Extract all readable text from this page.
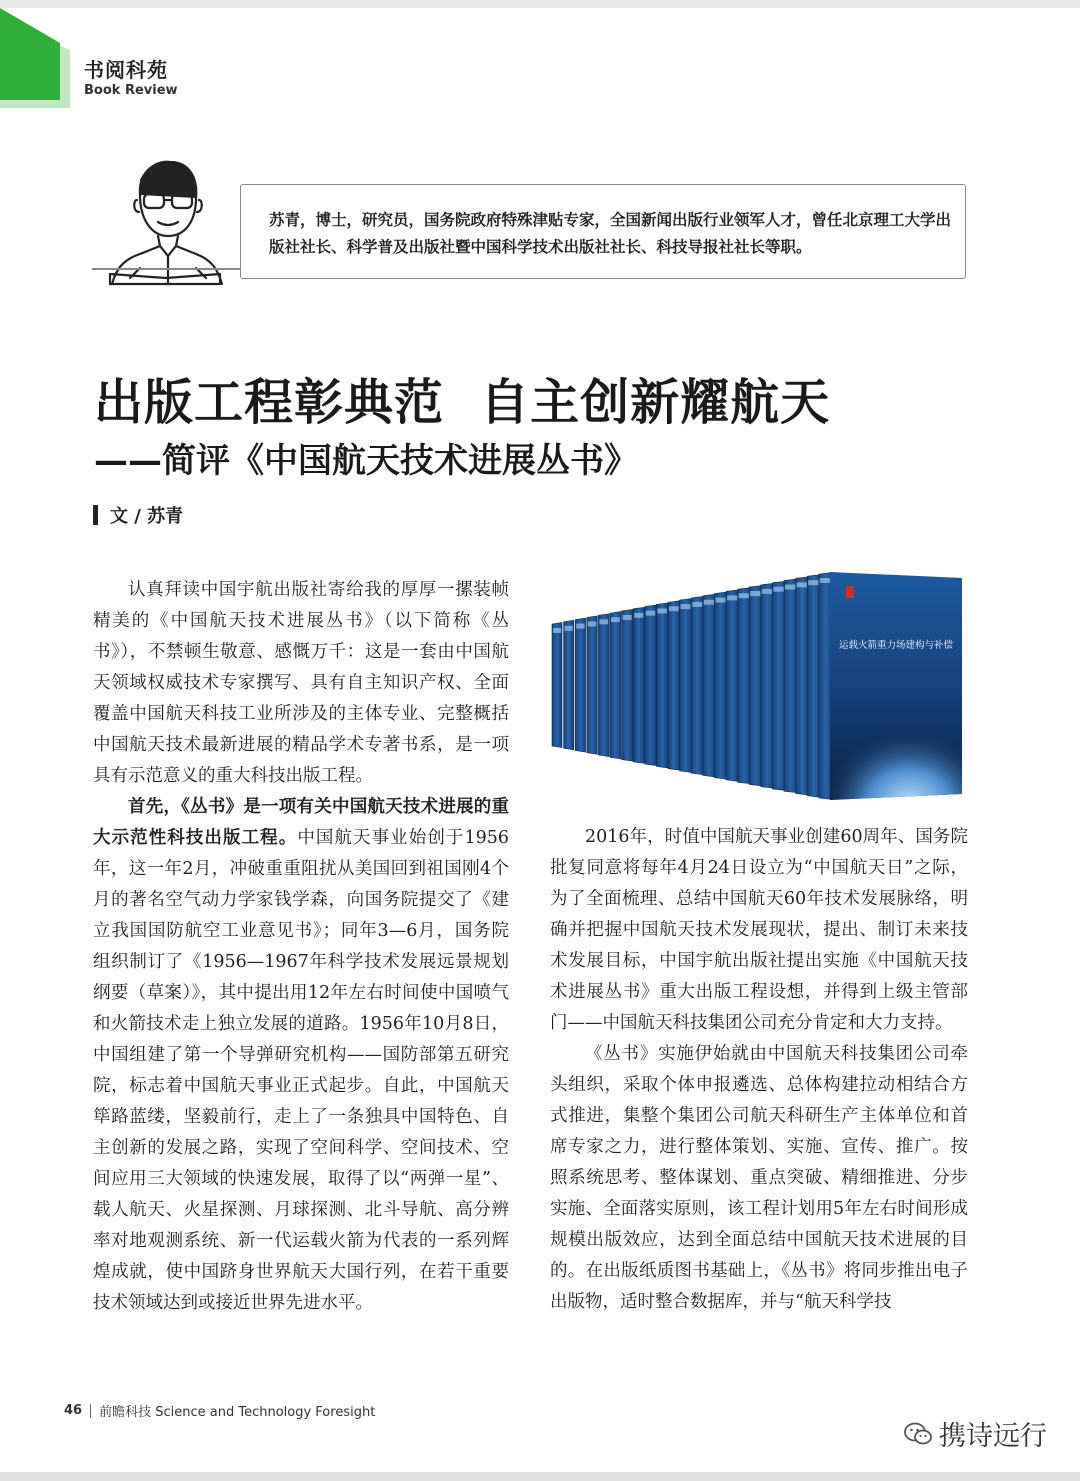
书阅科苑
Book Review
苏青，博士，研究员，国务院政府特殊津贴专家，全国新闻出版行业领军人才，曾任北京理工大学出版社社长、科学普及出版社暨中国科学技术出版社社长、科技导报社社长等职。
出版工程彰典范  自主创新耀航天
——简评《中国航天技术进展丛书》
文 / 苏青

认真拜读中国宇航出版社寄给我的厚厚一摞装帧精美的《中国航天技术进展丛书》（以下简称《丛书》），不禁顿生敬意、感慨万千：这是一套由中国航天领域权威技术专家撰写、具有自主知识产权、全面覆盖中国航天科技工业所涉及的主体专业、完整概括中国航天技术最新进展的精品学术专著书系，是一项具有示范意义的重大科技出版工程。

首先，《丛书》是一项有关中国航天技术进展的重大示范性科技出版工程。中国航天事业始创于1956年，这一年2月，冲破重重阻扰从美国回到祖国刚4个月的著名空气动力学家钱学森，向国务院提交了《建立我国国防航空工业意见书》；同年3—6月，国务院组织制订了《1956—1967年科学技术发展远景规划纲要（草案）》，其中提出用12年左右时间使中国喷气和火箭技术走上独立发展的道路。1956年10月8日，中国组建了第一个导弹研究机构——国防部第五研究院，标志着中国航天事业正式起步。自此，中国航天筚路蓝缕，坚毅前行，走上了一条独具中国特色、自主创新的发展之路，实现了空间科学、空间技术、空间应用三大领域的快速发展，取得了以“两弹一星”、载人航天、火星探测、月球探测、北斗导航、高分辨率对地观测系统、新一代运载火箭为代表的一系列辉煌成就，使中国跻身世界航天大国行列，在若干重要技术领域达到或接近世界先进水平。

运载火箭重力场建构与补偿

2016年，时值中国航天事业创建60周年、国务院批复同意将每年4月24日设立为“中国航天日”之际，为了全面梳理、总结中国航天60年技术发展脉络，明确并把握中国航天技术发展现状，提出、制订未来技术发展目标，中国宇航出版社提出实施《中国航天技术进展丛书》重大出版工程设想，并得到上级主管部门——中国航天科技集团公司充分肯定和大力支持。

《丛书》实施伊始就由中国航天科技集团公司牵头组织，采取个体申报遴选、总体构建拉动相结合方式推进，集整个集团公司航天科研生产主体单位和首席专家之力，进行整体策划、实施、宣传、推广。按照系统思考、整体谋划、重点突破、精细推进、分步实施、全面落实原则，该工程计划用5年左右时间形成规模出版效应，达到全面总结中国航天技术进展的目的。在出版纸质图书基础上，《丛书》将同步推出电子出版物，适时整合数据库，并与“航天科学技

46 前瞻科技 Science and Technology Foresight
携诗远行
